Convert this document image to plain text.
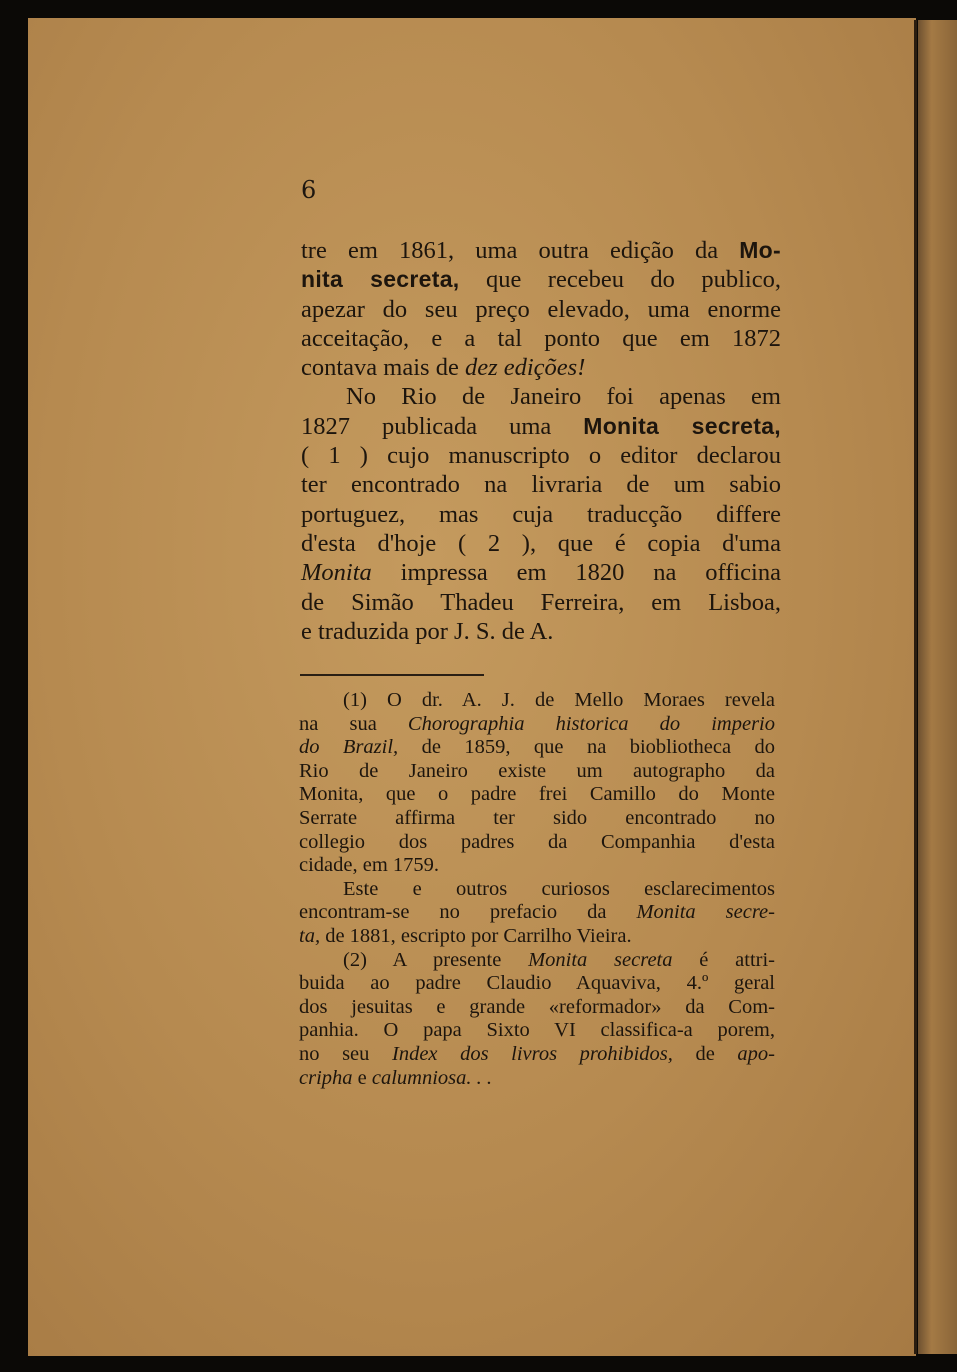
6

tre em 1861, uma outra edição da Mo-

nita secreta, que recebeu do publico,

apezar do seu preço elevado, uma enorme

acceitação, e a tal ponto que em 1872

contava mais de dez edições!

No Rio de Janeiro foi apenas em

1827 publicada uma Monita secreta,

( 1 ) cujo manuscripto o editor declarou

ter encontrado na livraria de um sabio

portuguez, mas cuja traducção differe

d'esta d'hoje ( 2 ), que é copia d'uma

Monita impressa em 1820 na officina

de Simão Thadeu Ferreira, em Lisboa,

e traduzida por J. S. de A.

(1) O dr. A. J. de Mello Moraes revela

na sua Chorographia historica do imperio

do Brazil, de 1859, que na biobliotheca do

Rio de Janeiro existe um autographo da

Monita, que o padre frei Camillo do Monte

Serrate affirma ter sido encontrado no

collegio dos padres da Companhia d'esta

cidade, em 1759.

Este e outros curiosos esclarecimentos

encontram-se no prefacio da Monita secre-

ta, de 1881, escripto por Carrilho Vieira.

(2) A presente Monita secreta é attri-

buida ao padre Claudio Aquaviva, 4.º geral

dos jesuitas e grande «reformador» da Com-

panhia. O papa Sixto VI classifica-a porem,

no seu Index dos livros prohibidos, de apo-

cripha e calumniosa. . .
